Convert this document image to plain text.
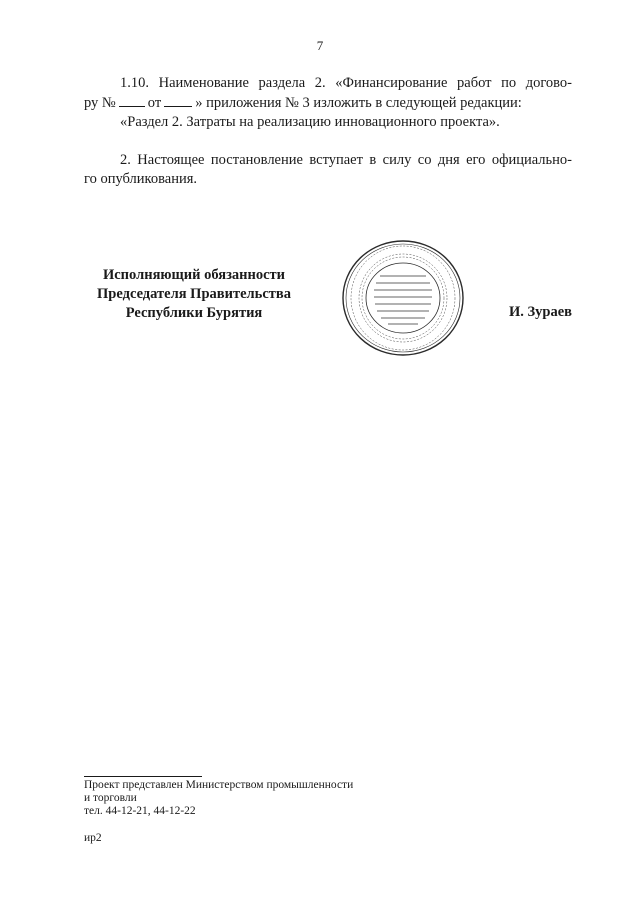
7

1.10. Наименование раздела 2. «Финансирование работ по догово-

ру № от » приложения № 3 изложить в следующей редакции:

«Раздел 2. Затраты на реализацию инновационного проекта».

2. Настоящее постановление вступает в силу со дня его официально-

го опубликования.

Исполняющий обязанности
Председателя Правительства
Республики Бурятия	И. Зураев
Проект представлен Министерством промышленности
и торговли
тел. 44-12-21, 44-12-22
ир2
